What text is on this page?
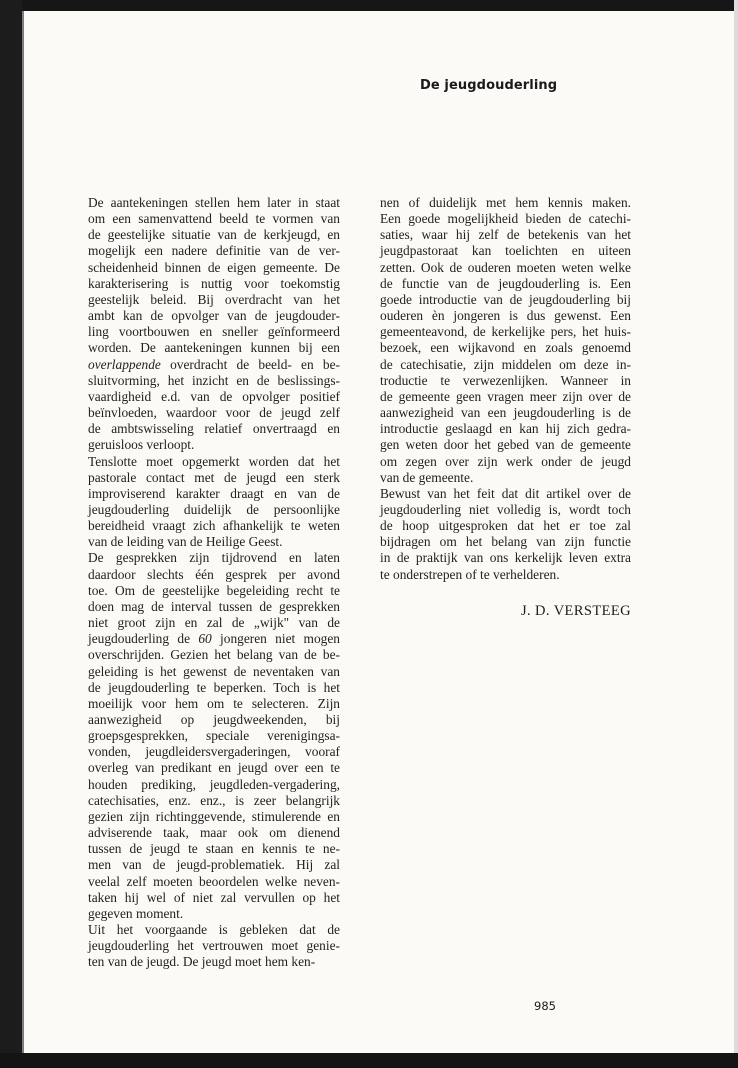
De jeugdouderling

De aantekeningen stellen hem later in staat
om een samenvattend beeld te vormen van
de geestelijke situatie van de kerkjeugd, en
mogelijk een nadere definitie van de ver-
scheidenheid binnen de eigen gemeente. De
karakterisering is nuttig voor toekomstig
geestelijk beleid. Bij overdracht van het
ambt kan de opvolger van de jeugdouder-
ling voortbouwen en sneller geïnformeerd
worden. De aantekeningen kunnen bij een
overlappende overdracht de beeld- en be-
sluitvorming, het inzicht en de beslissings-
vaardigheid e.d. van de opvolger positief
beïnvloeden, waardoor voor de jeugd zelf
de ambtswisseling relatief onvertraagd en
geruisloos verloopt.

Tenslotte moet opgemerkt worden dat het
pastorale contact met de jeugd een sterk
improviserend karakter draagt en van de
jeugdouderling duidelijk de persoonlijke
bereidheid vraagt zich afhankelijk te weten
van de leiding van de Heilige Geest.

De gesprekken zijn tijdrovend en laten
daardoor slechts één gesprek per avond
toe. Om de geestelijke begeleiding recht te
doen mag de interval tussen de gesprekken
niet groot zijn en zal de „wijk" van de
jeugdouderling de 60 jongeren niet mogen
overschrijden. Gezien het belang van de be-
geleiding is het gewenst de neventaken van
de jeugdouderling te beperken. Toch is het
moeilijk voor hem om te selecteren. Zijn
aanwezigheid op jeugdweekenden, bij
groepsgesprekken, speciale verenigingsa-
vonden, jeugdleidersvergaderingen, vooraf
overleg van predikant en jeugd over een te
houden prediking, jeugdleden-vergadering,
catechisaties, enz. enz., is zeer belangrijk
gezien zijn richtinggevende, stimulerende en
adviserende taak, maar ook om dienend
tussen de jeugd te staan en kennis te ne-
men van de jeugd-problematiek. Hij zal
veelal zelf moeten beoordelen welke neven-
taken hij wel of niet zal vervullen op het
gegeven moment.

Uit het voorgaande is gebleken dat de
jeugdouderling het vertrouwen moet genie-
ten van de jeugd. De jeugd moet hem ken-

nen of duidelijk met hem kennis maken.
Een goede mogelijkheid bieden de catechi-
saties, waar hij zelf de betekenis van het
jeugdpastoraat kan toelichten en uiteen
zetten. Ook de ouderen moeten weten welke
de functie van de jeugdouderling is. Een
goede introductie van de jeugdouderling bij
ouderen èn jongeren is dus gewenst. Een
gemeenteavond, de kerkelijke pers, het huis-
bezoek, een wijkavond en zoals genoemd
de catechisatie, zijn middelen om deze in-
troductie te verwezenlijken. Wanneer in
de gemeente geen vragen meer zijn over de
aanwezigheid van een jeugdouderling is de
introductie geslaagd en kan hij zich gedra-
gen weten door het gebed van de gemeente
om zegen over zijn werk onder de jeugd
van de gemeente.

Bewust van het feit dat dit artikel over de
jeugdouderling niet volledig is, wordt toch
de hoop uitgesproken dat het er toe zal
bijdragen om het belang van zijn functie
in de praktijk van ons kerkelijk leven extra
te onderstrepen of te verhelderen.

J. D. VERSTEEG
985
